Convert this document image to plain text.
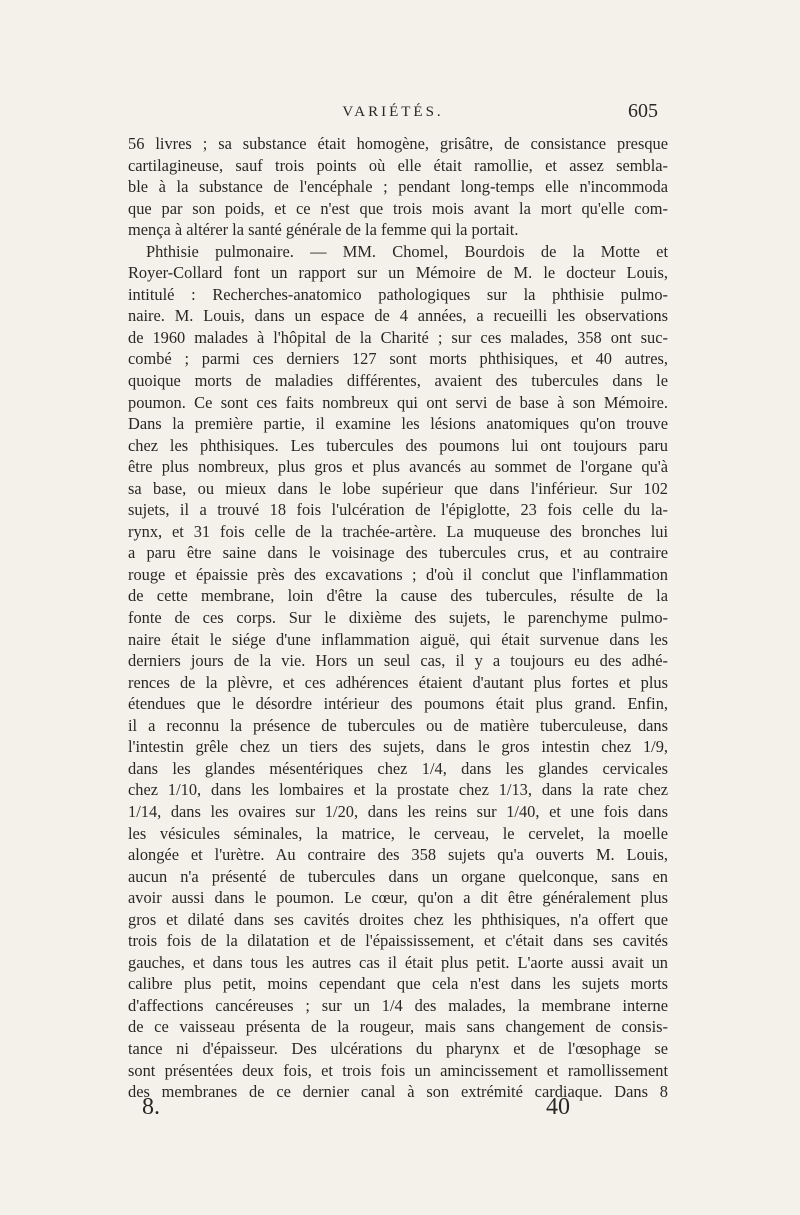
VARIÉTÉS.	605
56 livres ; sa substance était homogène, grisâtre, de consistance presque
cartilagineuse, sauf trois points où elle était ramollie, et assez sembla-
ble à la substance de l'encéphale ; pendant long-temps elle n'incommoda
que par son poids, et ce n'est que trois mois avant la mort qu'elle com-
mença à altérer la santé générale de la femme qui la portait.
Phthisie pulmonaire. — MM. Chomel, Bourdois de la Motte et
Royer-Collard font un rapport sur un Mémoire de M. le docteur Louis,
intitulé : Recherches-anatomico pathologiques sur la phthisie pulmo-
naire. M. Louis, dans un espace de 4 années, a recueilli les observations
de 1960 malades à l'hôpital de la Charité ; sur ces malades, 358 ont suc-
combé ; parmi ces derniers 127 sont morts phthisiques, et 40 autres,
quoique morts de maladies différentes, avaient des tubercules dans le
poumon. Ce sont ces faits nombreux qui ont servi de base à son Mémoire.
Dans la première partie, il examine les lésions anatomiques qu'on trouve
chez les phthisiques. Les tubercules des poumons lui ont toujours paru
être plus nombreux, plus gros et plus avancés au sommet de l'organe qu'à
sa base, ou mieux dans le lobe supérieur que dans l'inférieur. Sur 102
sujets, il a trouvé 18 fois l'ulcération de l'épiglotte, 23 fois celle du la-
rynx, et 31 fois celle de la trachée-artère. La muqueuse des bronches lui
a paru être saine dans le voisinage des tubercules crus, et au contraire
rouge et épaissie près des excavations ; d'où il conclut que l'inflammation
de cette membrane, loin d'être la cause des tubercules, résulte de la
fonte de ces corps. Sur le dixième des sujets, le parenchyme pulmo-
naire était le siége d'une inflammation aiguë, qui était survenue dans les
derniers jours de la vie. Hors un seul cas, il y a toujours eu des adhé-
rences de la plèvre, et ces adhérences étaient d'autant plus fortes et plus
étendues que le désordre intérieur des poumons était plus grand. Enfin,
il a reconnu la présence de tubercules ou de matière tuberculeuse, dans
l'intestin grêle chez un tiers des sujets, dans le gros intestin chez 1/9,
dans les glandes mésentériques chez 1/4, dans les glandes cervicales
chez 1/10, dans les lombaires et la prostate chez 1/13, dans la rate chez
1/14, dans les ovaires sur 1/20, dans les reins sur 1/40, et une fois dans
les vésicules séminales, la matrice, le cerveau, le cervelet, la moelle
alongée et l'urètre. Au contraire des 358 sujets qu'a ouverts M. Louis,
aucun n'a présenté de tubercules dans un organe quelconque, sans en
avoir aussi dans le poumon. Le cœur, qu'on a dit être généralement plus
gros et dilaté dans ses cavités droites chez les phthisiques, n'a offert que
trois fois de la dilatation et de l'épaississement, et c'était dans ses cavités
gauches, et dans tous les autres cas il était plus petit. L'aorte aussi avait un
calibre plus petit, moins cependant que cela n'est dans les sujets morts
d'affections cancéreuses ; sur un 1/4 des malades, la membrane interne
de ce vaisseau présenta de la rougeur, mais sans changement de consis-
tance ni d'épaisseur. Des ulcérations du pharynx et de l'œsophage se
sont présentées deux fois, et trois fois un amincissement et ramollissement
des membranes de ce dernier canal à son extrémité cardiaque. Dans 8
8.	40
